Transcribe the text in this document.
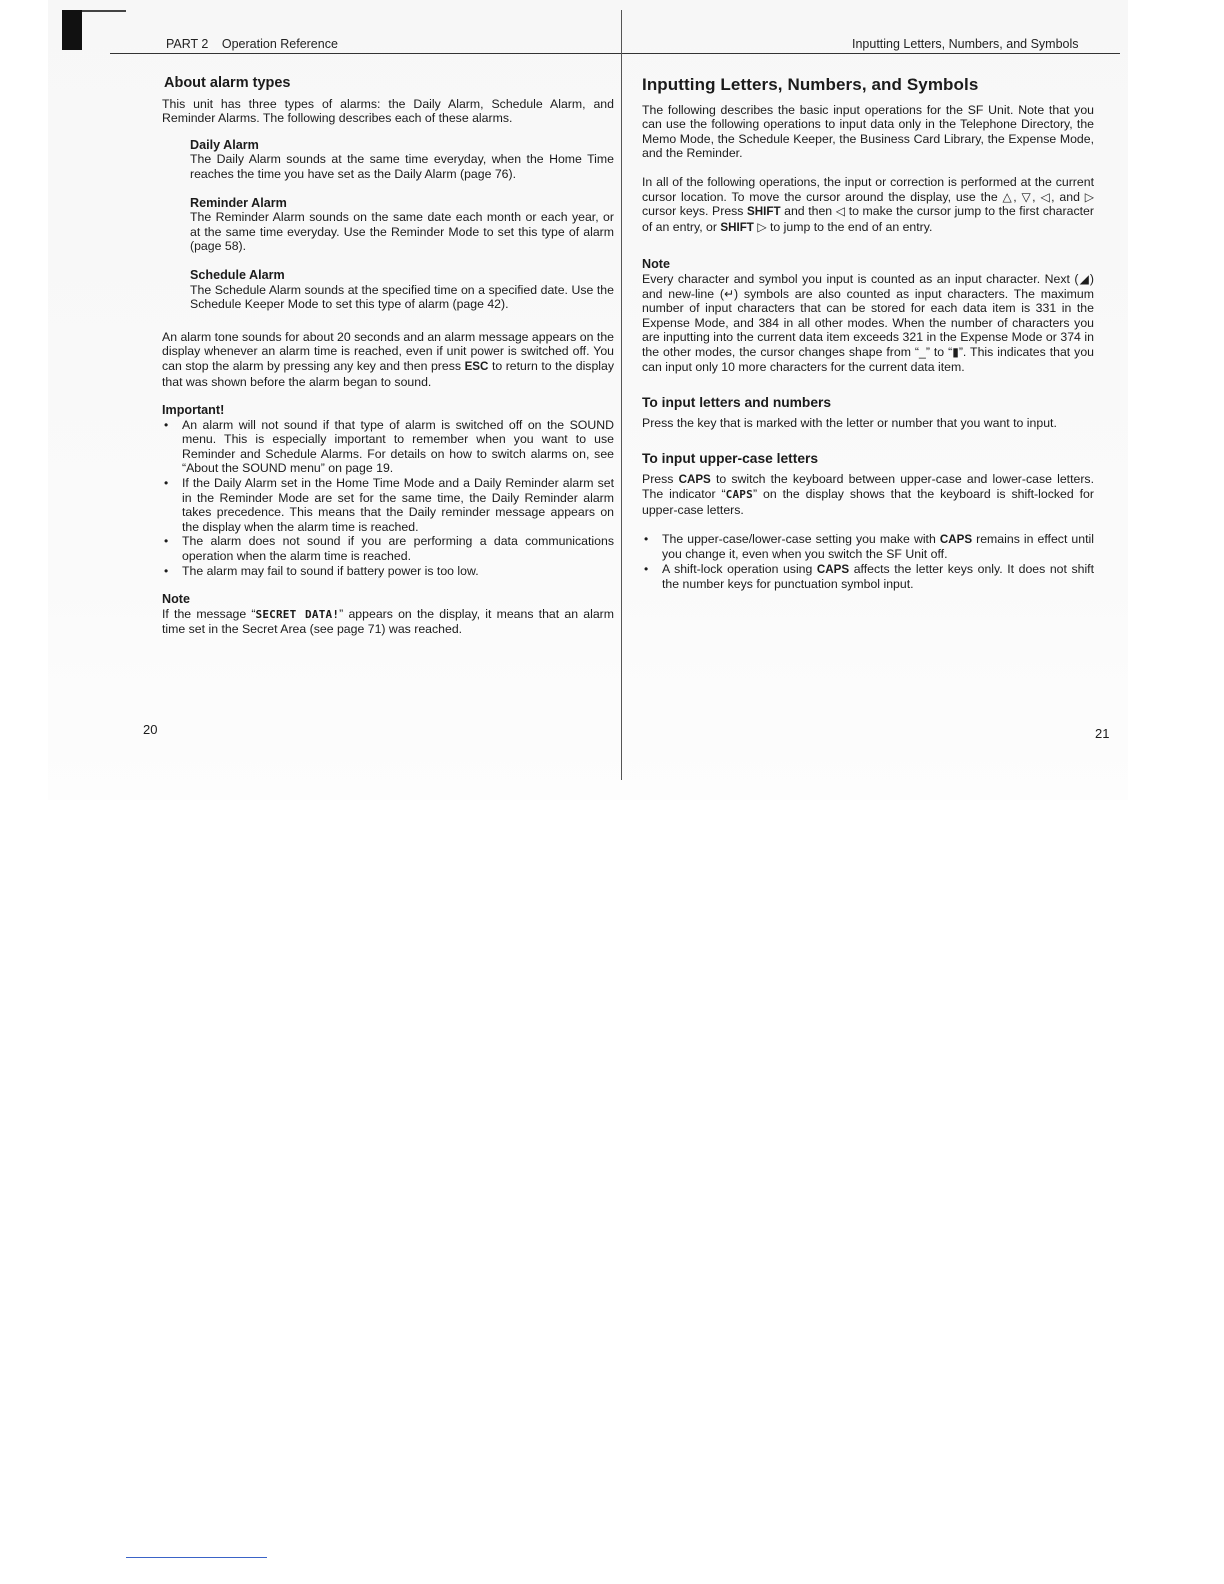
PART 2 Operation Reference	Inputting Letters, Numbers, and Symbols
About alarm types

This unit has three types of alarms: the Daily Alarm, Schedule Alarm, and Reminder Alarms. The following describes each of these alarms.

Daily Alarm

The Daily Alarm sounds at the same time everyday, when the Home Time reaches the time you have set as the Daily Alarm (page 76).

Reminder Alarm

The Reminder Alarm sounds on the same date each month or each year, or at the same time everyday. Use the Reminder Mode to set this type of alarm (page 58).

Schedule Alarm

The Schedule Alarm sounds at the specified time on a specified date. Use the Schedule Keeper Mode to set this type of alarm (page 42).

An alarm tone sounds for about 20 seconds and an alarm message appears on the display whenever an alarm time is reached, even if unit power is switched off. You can stop the alarm by pressing any key and then press ESC to return to the display that was shown before the alarm began to sound.

Important!
• An alarm will not sound if that type of alarm is switched off on the SOUND menu. This is especially important to remember when you want to use Reminder and Schedule Alarms. For details on how to switch alarms on, see “About the SOUND menu” on page 19.
• If the Daily Alarm set in the Home Time Mode and a Daily Reminder alarm set in the Reminder Mode are set for the same time, the Daily Reminder alarm takes precedence. This means that the Daily reminder message appears on the display when the alarm time is reached.
• The alarm does not sound if you are performing a data communications operation when the alarm time is reached.
• The alarm may fail to sound if battery power is too low.
Note

If the message “SECRET DATA!” appears on the display, it means that an alarm time set in the Secret Area (see page 71) was reached.

Inputting Letters, Numbers, and Symbols

The following describes the basic input operations for the SF Unit. Note that you can use the following operations to input data only in the Telephone Directory, the Memo Mode, the Schedule Keeper, the Business Card Library, the Expense Mode, and the Reminder.

In all of the following operations, the input or correction is performed at the current cursor location. To move the cursor around the display, use the △, ▽, ◁, and ▷ cursor keys. Press SHIFT and then ◁ to make the cursor jump to the first character of an entry, or SHIFT ▷ to jump to the end of an entry.

Note

Every character and symbol you input is counted as an input character. Next (◢) and new-line (↵) symbols are also counted as input characters. The maximum number of input characters that can be stored for each data item is 331 in the Expense Mode, and 384 in all other modes. When the number of characters you are inputting into the current data item exceeds 321 in the Expense Mode or 374 in the other modes, the cursor changes shape from “_” to “▮”. This indicates that you can input only 10 more characters for the current data item.

To input letters and numbers

Press the key that is marked with the letter or number that you want to input.

To input upper-case letters

Press CAPS to switch the keyboard between upper-case and lower-case letters. The indicator “CAPS” on the display shows that the keyboard is shift-locked for upper-case letters.

• The upper-case/lower-case setting you make with CAPS remains in effect until you change it, even when you switch the SF Unit off.
• A shift-lock operation using CAPS affects the letter keys only. It does not shift the number keys for punctuation symbol input.
20	21
